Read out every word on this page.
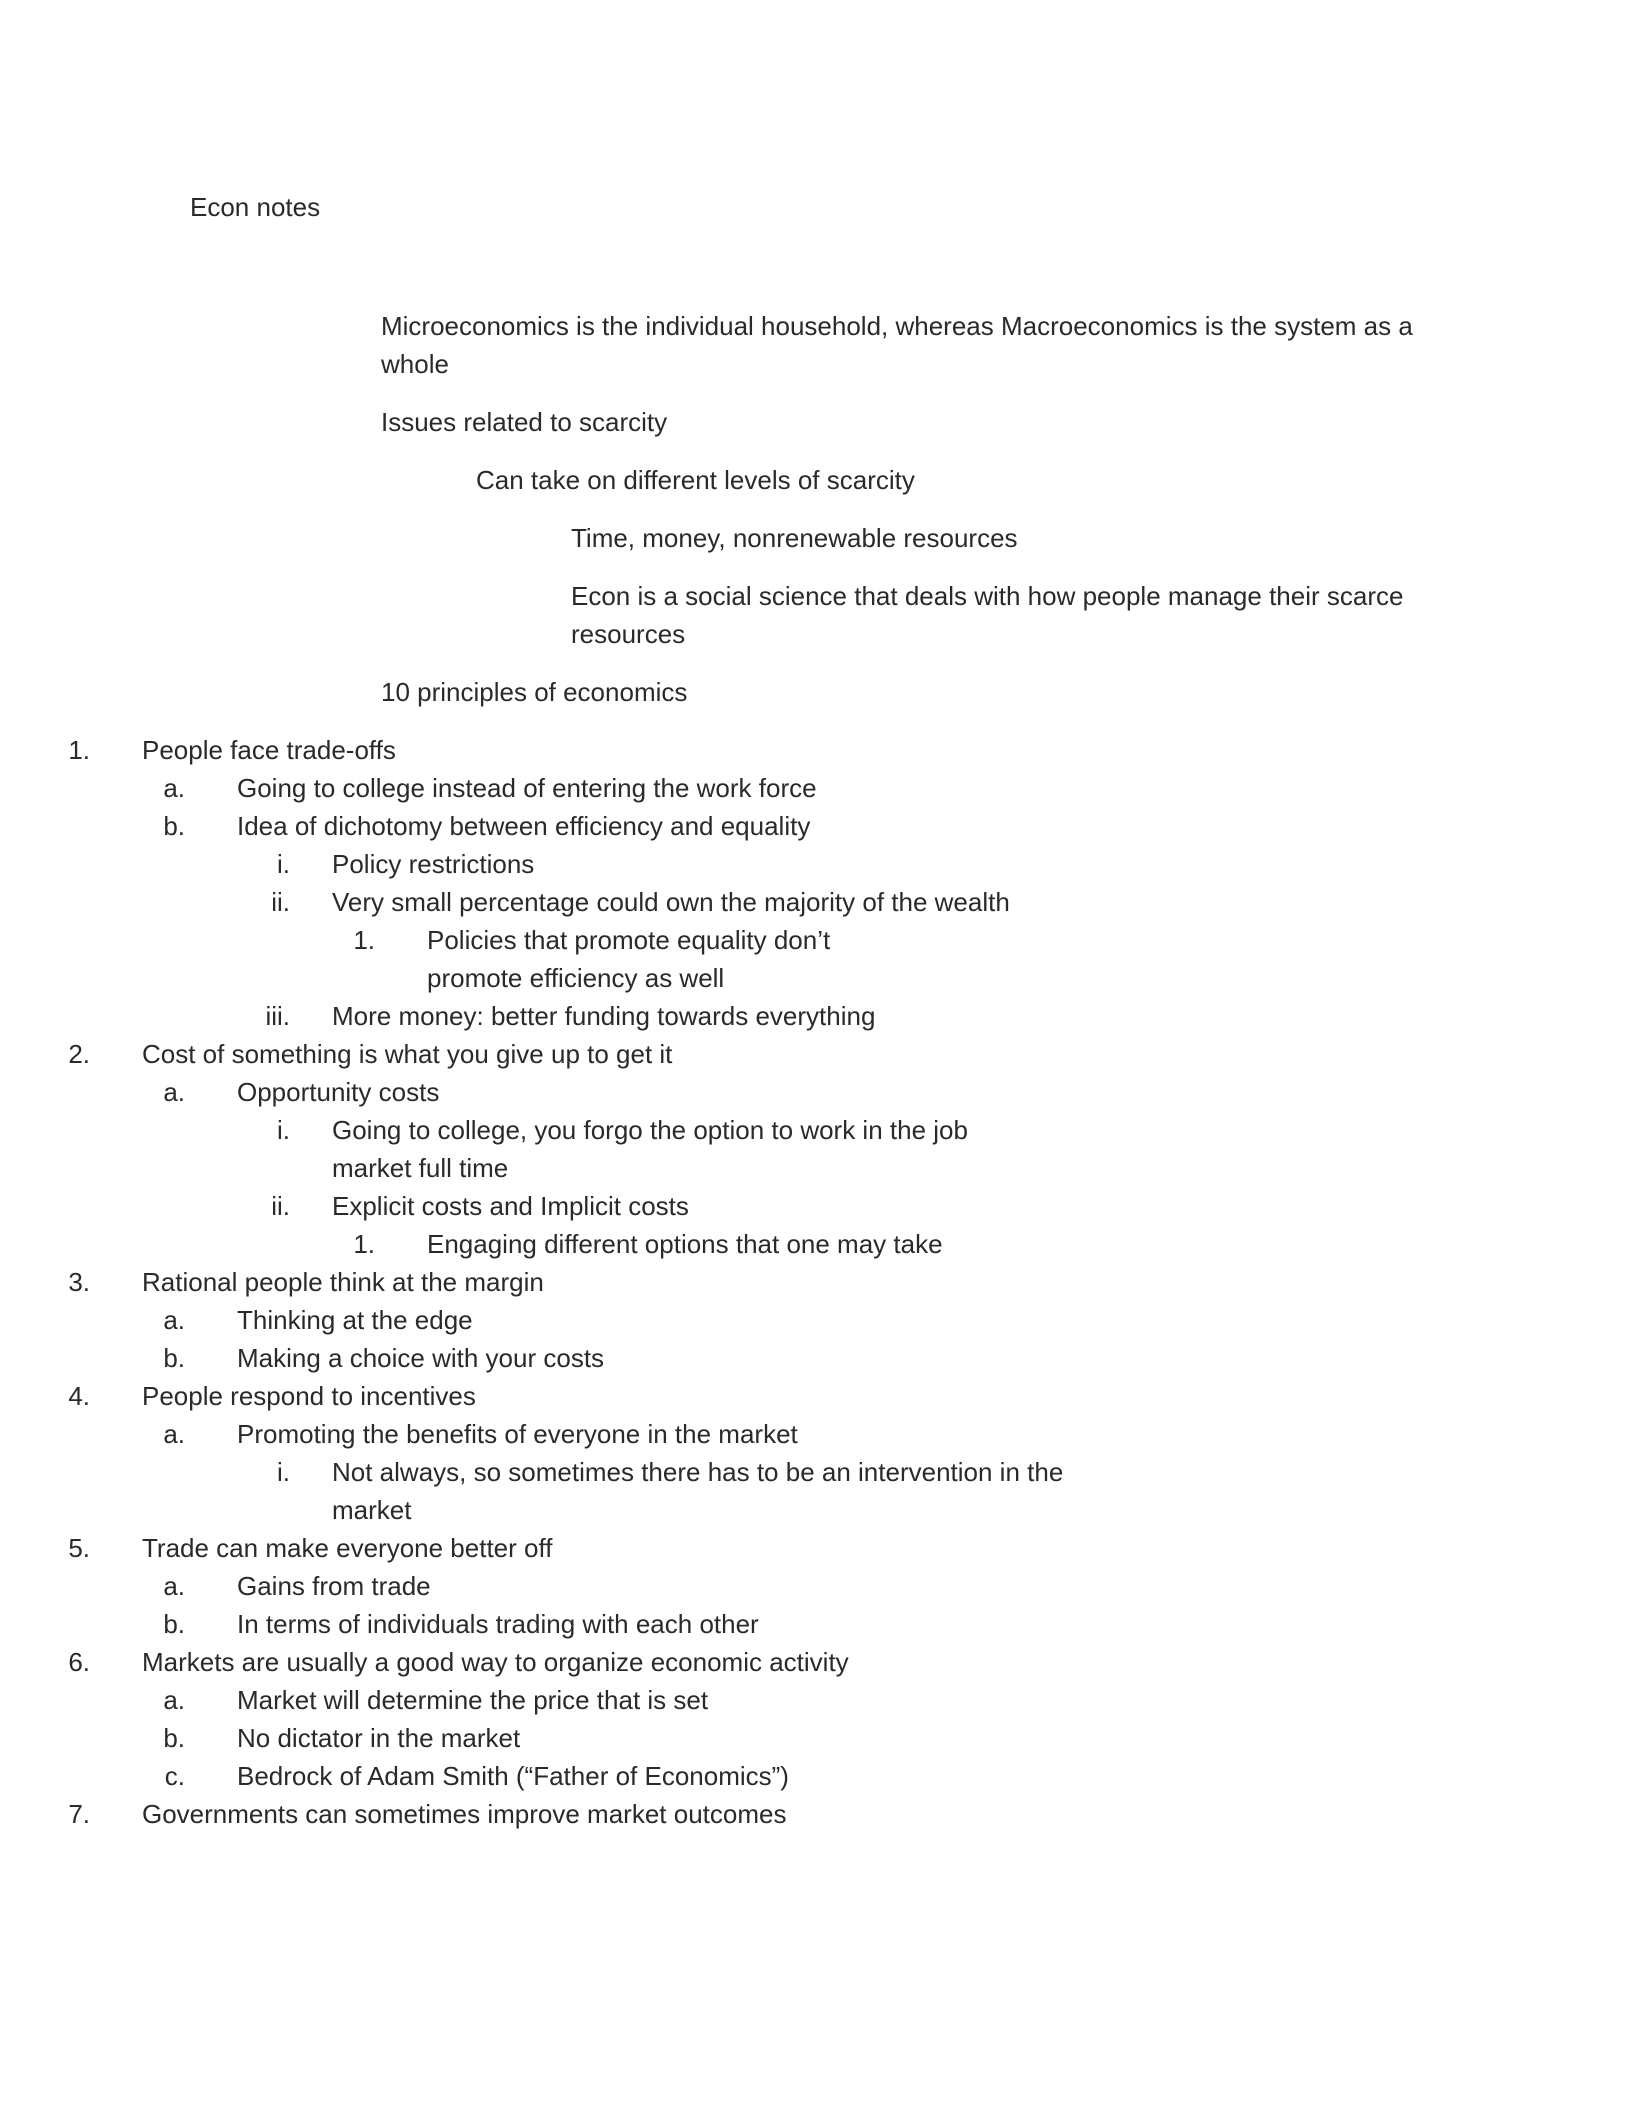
Econ notes

Microeconomics is the individual household, whereas Macroeconomics is the system as a whole

Issues related to scarcity

Can take on different levels of scarcity

Time, money, nonrenewable resources

Econ is a social science that deals with how people manage their scarce resources

10 principles of economics

1. People face trade-offs
a. Going to college instead of entering the work force
b. Idea of dichotomy between efficiency and equality
i. Policy restrictions
ii. Very small percentage could own the majority of the wealth
1. Policies that promote equality don’t promote efficiency as well
iii. More money: better funding towards everything
2. Cost of something is what you give up to get it
a. Opportunity costs
i. Going to college, you forgo the option to work in the job market full time
ii. Explicit costs and Implicit costs
1. Engaging different options that one may take
3. Rational people think at the margin
a. Thinking at the edge
b. Making a choice with your costs
4. People respond to incentives
a. Promoting the benefits of everyone in the market
i. Not always, so sometimes there has to be an intervention in the market
5. Trade can make everyone better off
a. Gains from trade
b. In terms of individuals trading with each other
6. Markets are usually a good way to organize economic activity
a. Market will determine the price that is set
b. No dictator in the market
c. Bedrock of Adam Smith (“Father of Economics”)
7. Governments can sometimes improve market outcomes
